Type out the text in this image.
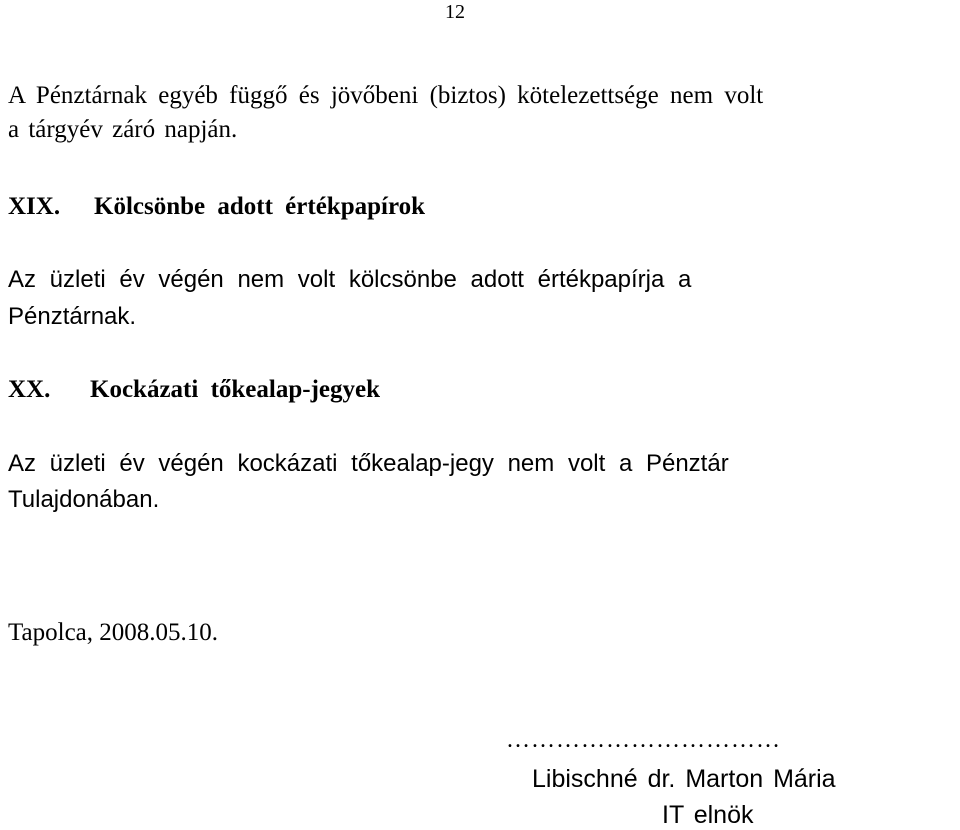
12
A Pénztárnak egyéb függő és jövőbeni (biztos) kötelezettsége nem volt
a tárgyév záró napján.
XIX. Kölcsönbe adott értékpapírok
Az üzleti év végén nem volt kölcsönbe adott értékpapírja a
Pénztárnak.
XX. Kockázati tőkealap-jegyek
Az üzleti év végén kockázati tőkealap-jegy nem volt a Pénztár
Tulajdonában.
Tapolca, 2008.05.10.
……………………………
Libischné dr. Marton Mária
IT elnök
